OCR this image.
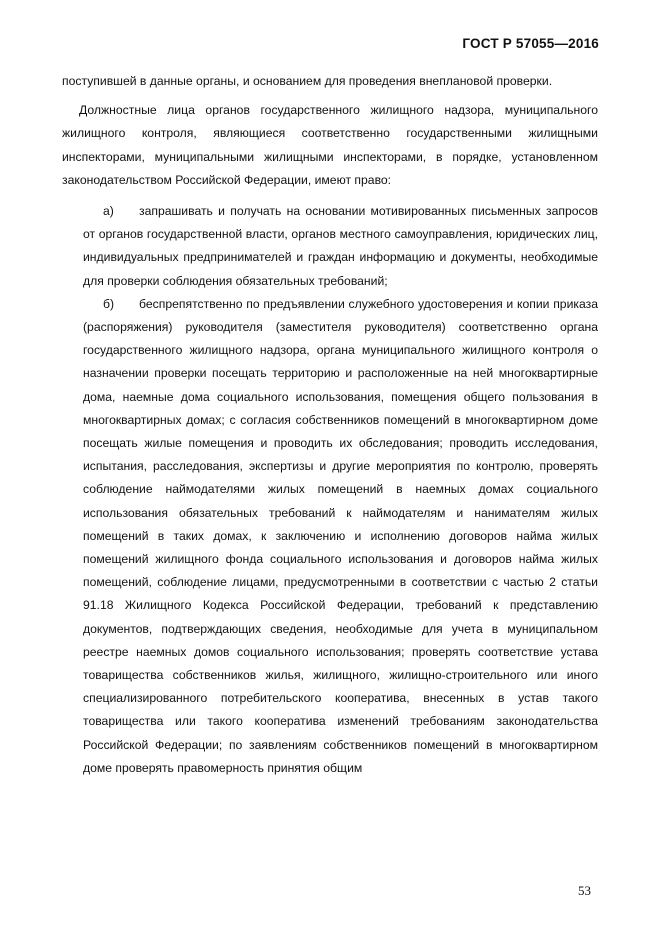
ГОСТ Р 57055—2016

поступившей в данные органы, и основанием для проведения внеплановой проверки.

Должностные лица органов государственного жилищного надзора, муниципального жилищного контроля, являющиеся соответственно государственными жилищными инспекторами, муниципальными жилищными инспекторами, в порядке, установленном законодательством Российской Федерации, имеют право:

а) запрашивать и получать на основании мотивированных письменных запросов от органов государственной власти, органов местного самоуправления, юридических лиц, индивидуальных предпринимателей и граждан информацию и документы, необходимые для проверки соблюдения обязательных требований;
б) беспрепятственно по предъявлении служебного удостоверения и копии приказа (распоряжения) руководителя (заместителя руководителя) соответственно органа государственного жилищного надзора, органа муниципального жилищного контроля о назначении проверки посещать территорию и расположенные на ней многоквартирные дома, наемные дома социального использования, помещения общего пользования в многоквартирных домах; с согласия собственников помещений в многоквартирном доме посещать жилые помещения и проводить их обследования; проводить исследования, испытания, расследования, экспертизы и другие мероприятия по контролю, проверять соблюдение наймодателями жилых помещений в наемных домах социального использования обязательных требований к наймодателям и нанимателям жилых помещений в таких домах, к заключению и исполнению договоров найма жилых помещений жилищного фонда социального использования и договоров найма жилых помещений, соблюдение лицами, предусмотренными в соответствии с частью 2 статьи 91.18 Жилищного Кодекса Российской Федерации, требований к представлению документов, подтверждающих сведения, необходимые для учета в муниципальном реестре наемных домов социального использования; проверять соответствие устава товарищества собственников жилья, жилищного, жилищно-строительного или иного специализированного потребительского кооператива, внесенных в устав такого товарищества или такого кооператива изменений требованиям законодательства Российской Федерации; по заявлениям собственников помещений в многоквартирном доме проверять правомерность принятия общим
53
